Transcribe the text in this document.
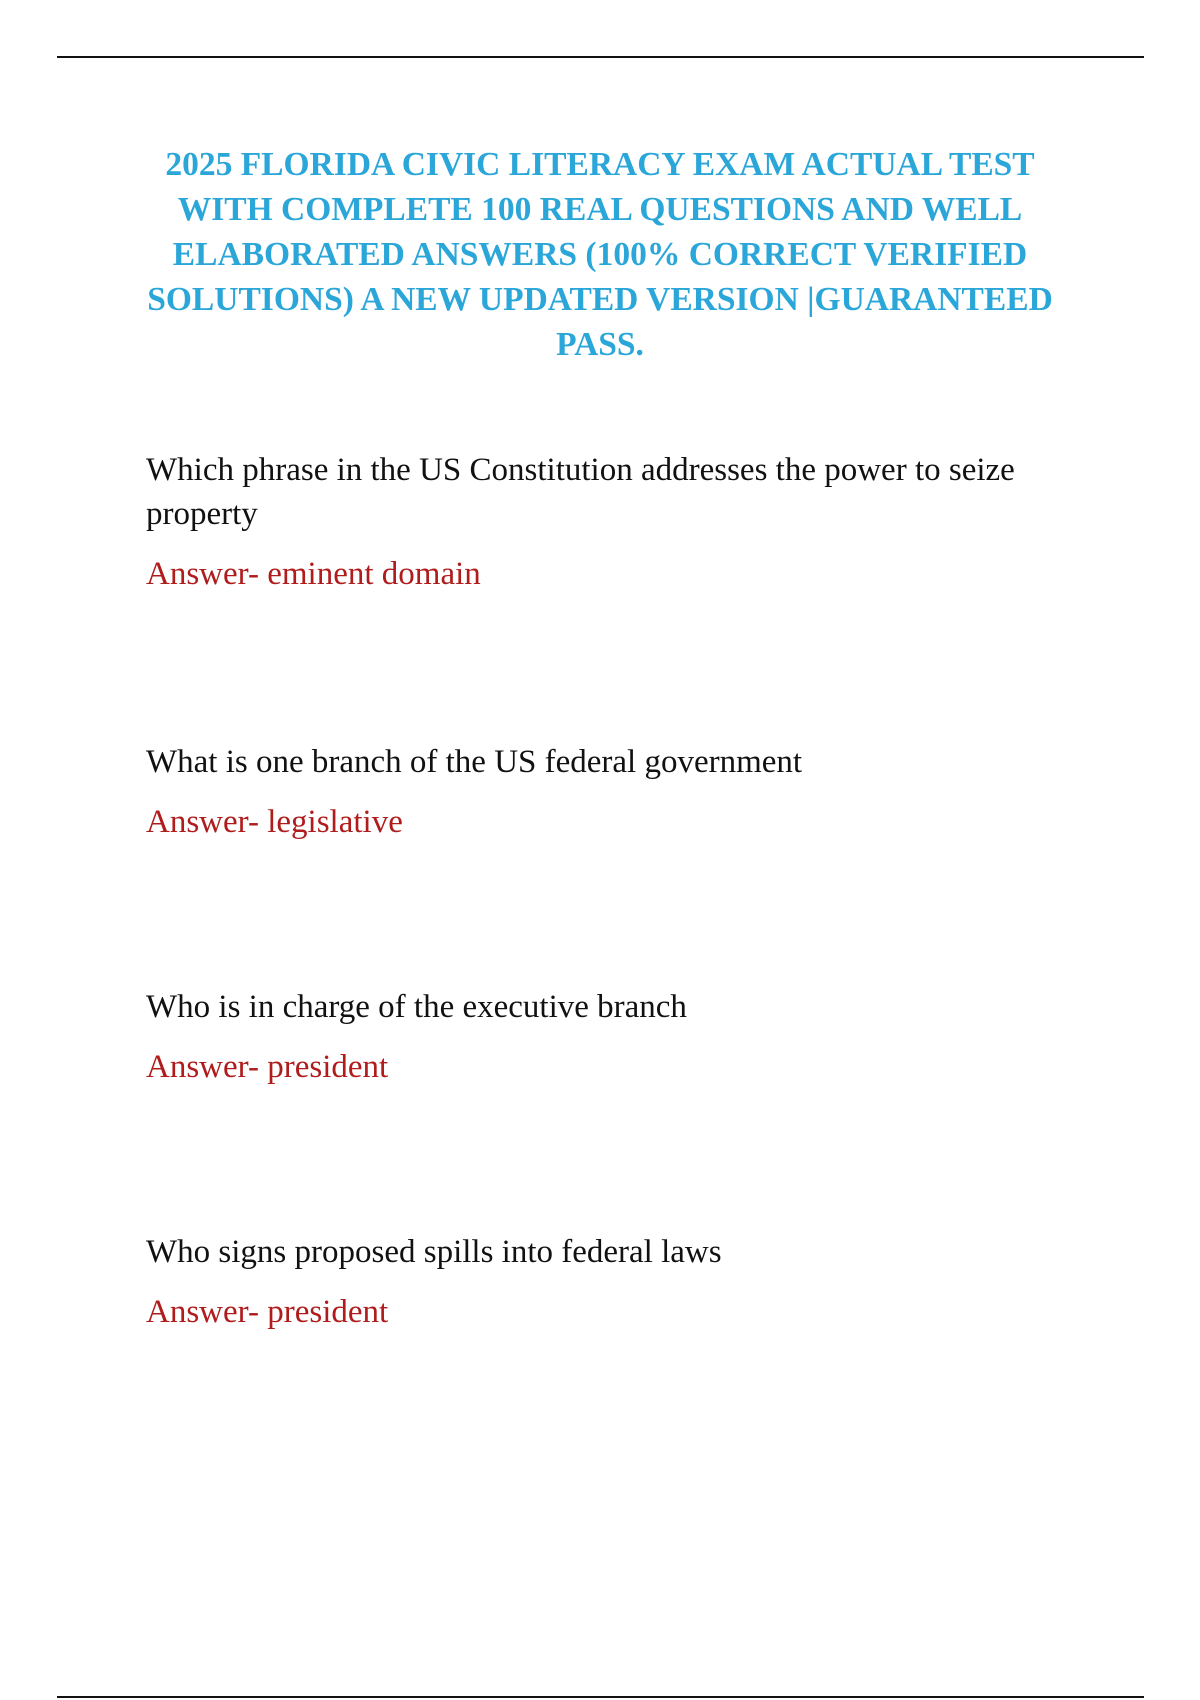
2025 FLORIDA CIVIC LITERACY EXAM ACTUAL TEST WITH COMPLETE 100 REAL QUESTIONS AND WELL ELABORATED ANSWERS (100% CORRECT VERIFIED SOLUTIONS) A NEW UPDATED VERSION |GUARANTEED PASS.

Which phrase in the US Constitution addresses the power to seize property

Answer- eminent domain

What is one branch of the US federal government

Answer- legislative

Who is in charge of the executive branch

Answer- president

Who signs proposed spills into federal laws

Answer- president
